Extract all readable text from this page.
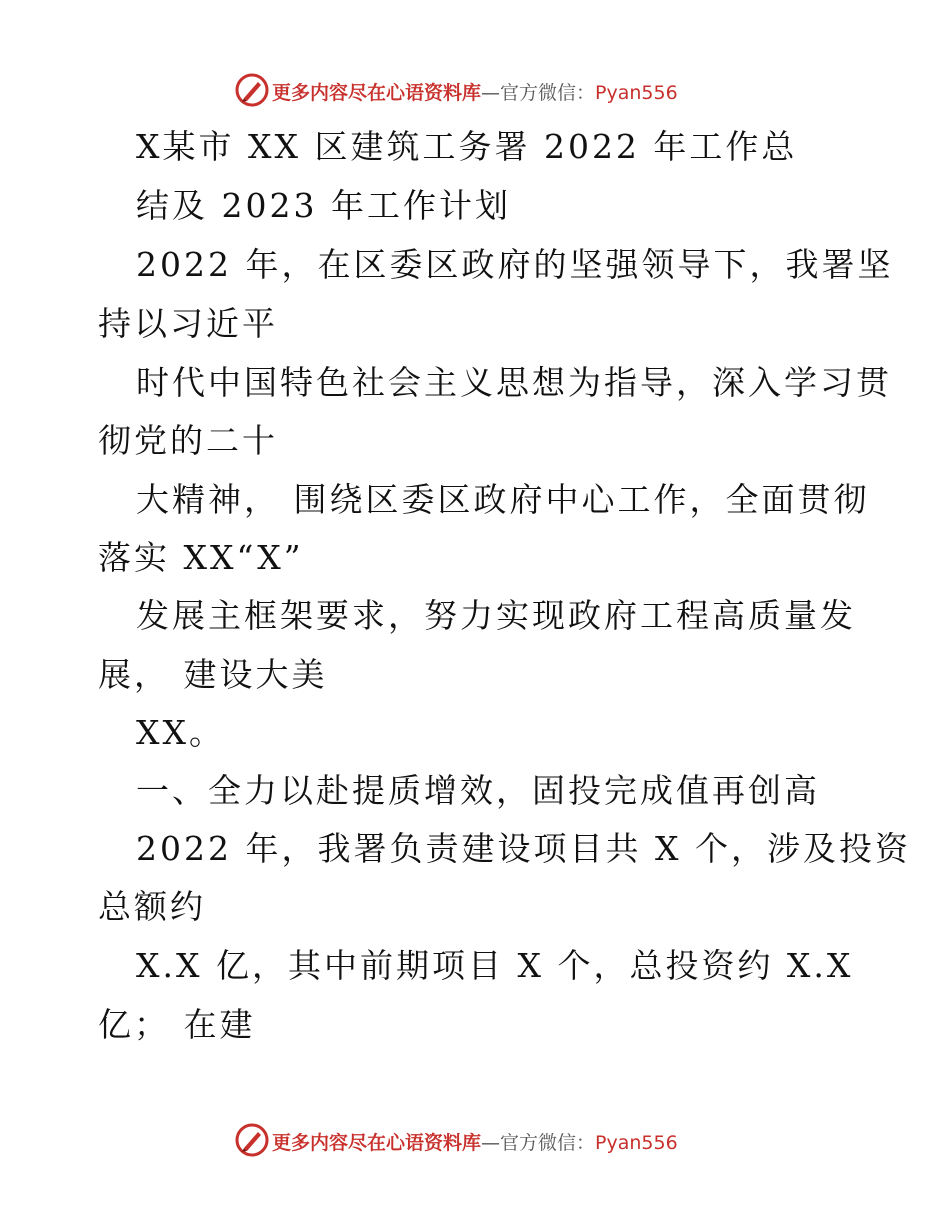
更多内容尽在心语资料库—官方微信：Pyan556
X某市 XX 区建筑工务署 2022 年工作总
结及 2023 年工作计划
2022 年，在区委区政府的坚强领导下，我署坚
持以习近平
时代中国特色社会主义思想为指导，深入学习贯
彻党的二十
大精神， 围绕区委区政府中心工作，全面贯彻
落实 XX“X”
发展主框架要求，努力实现政府工程高质量发
展， 建设大美
XX。
一、全力以赴提质增效，固投完成值再创高
2022 年，我署负责建设项目共 X 个，涉及投资
总额约
X.X 亿，其中前期项目 X 个，总投资约 X.X
亿； 在建
更多内容尽在心语资料库—官方微信：Pyan556
